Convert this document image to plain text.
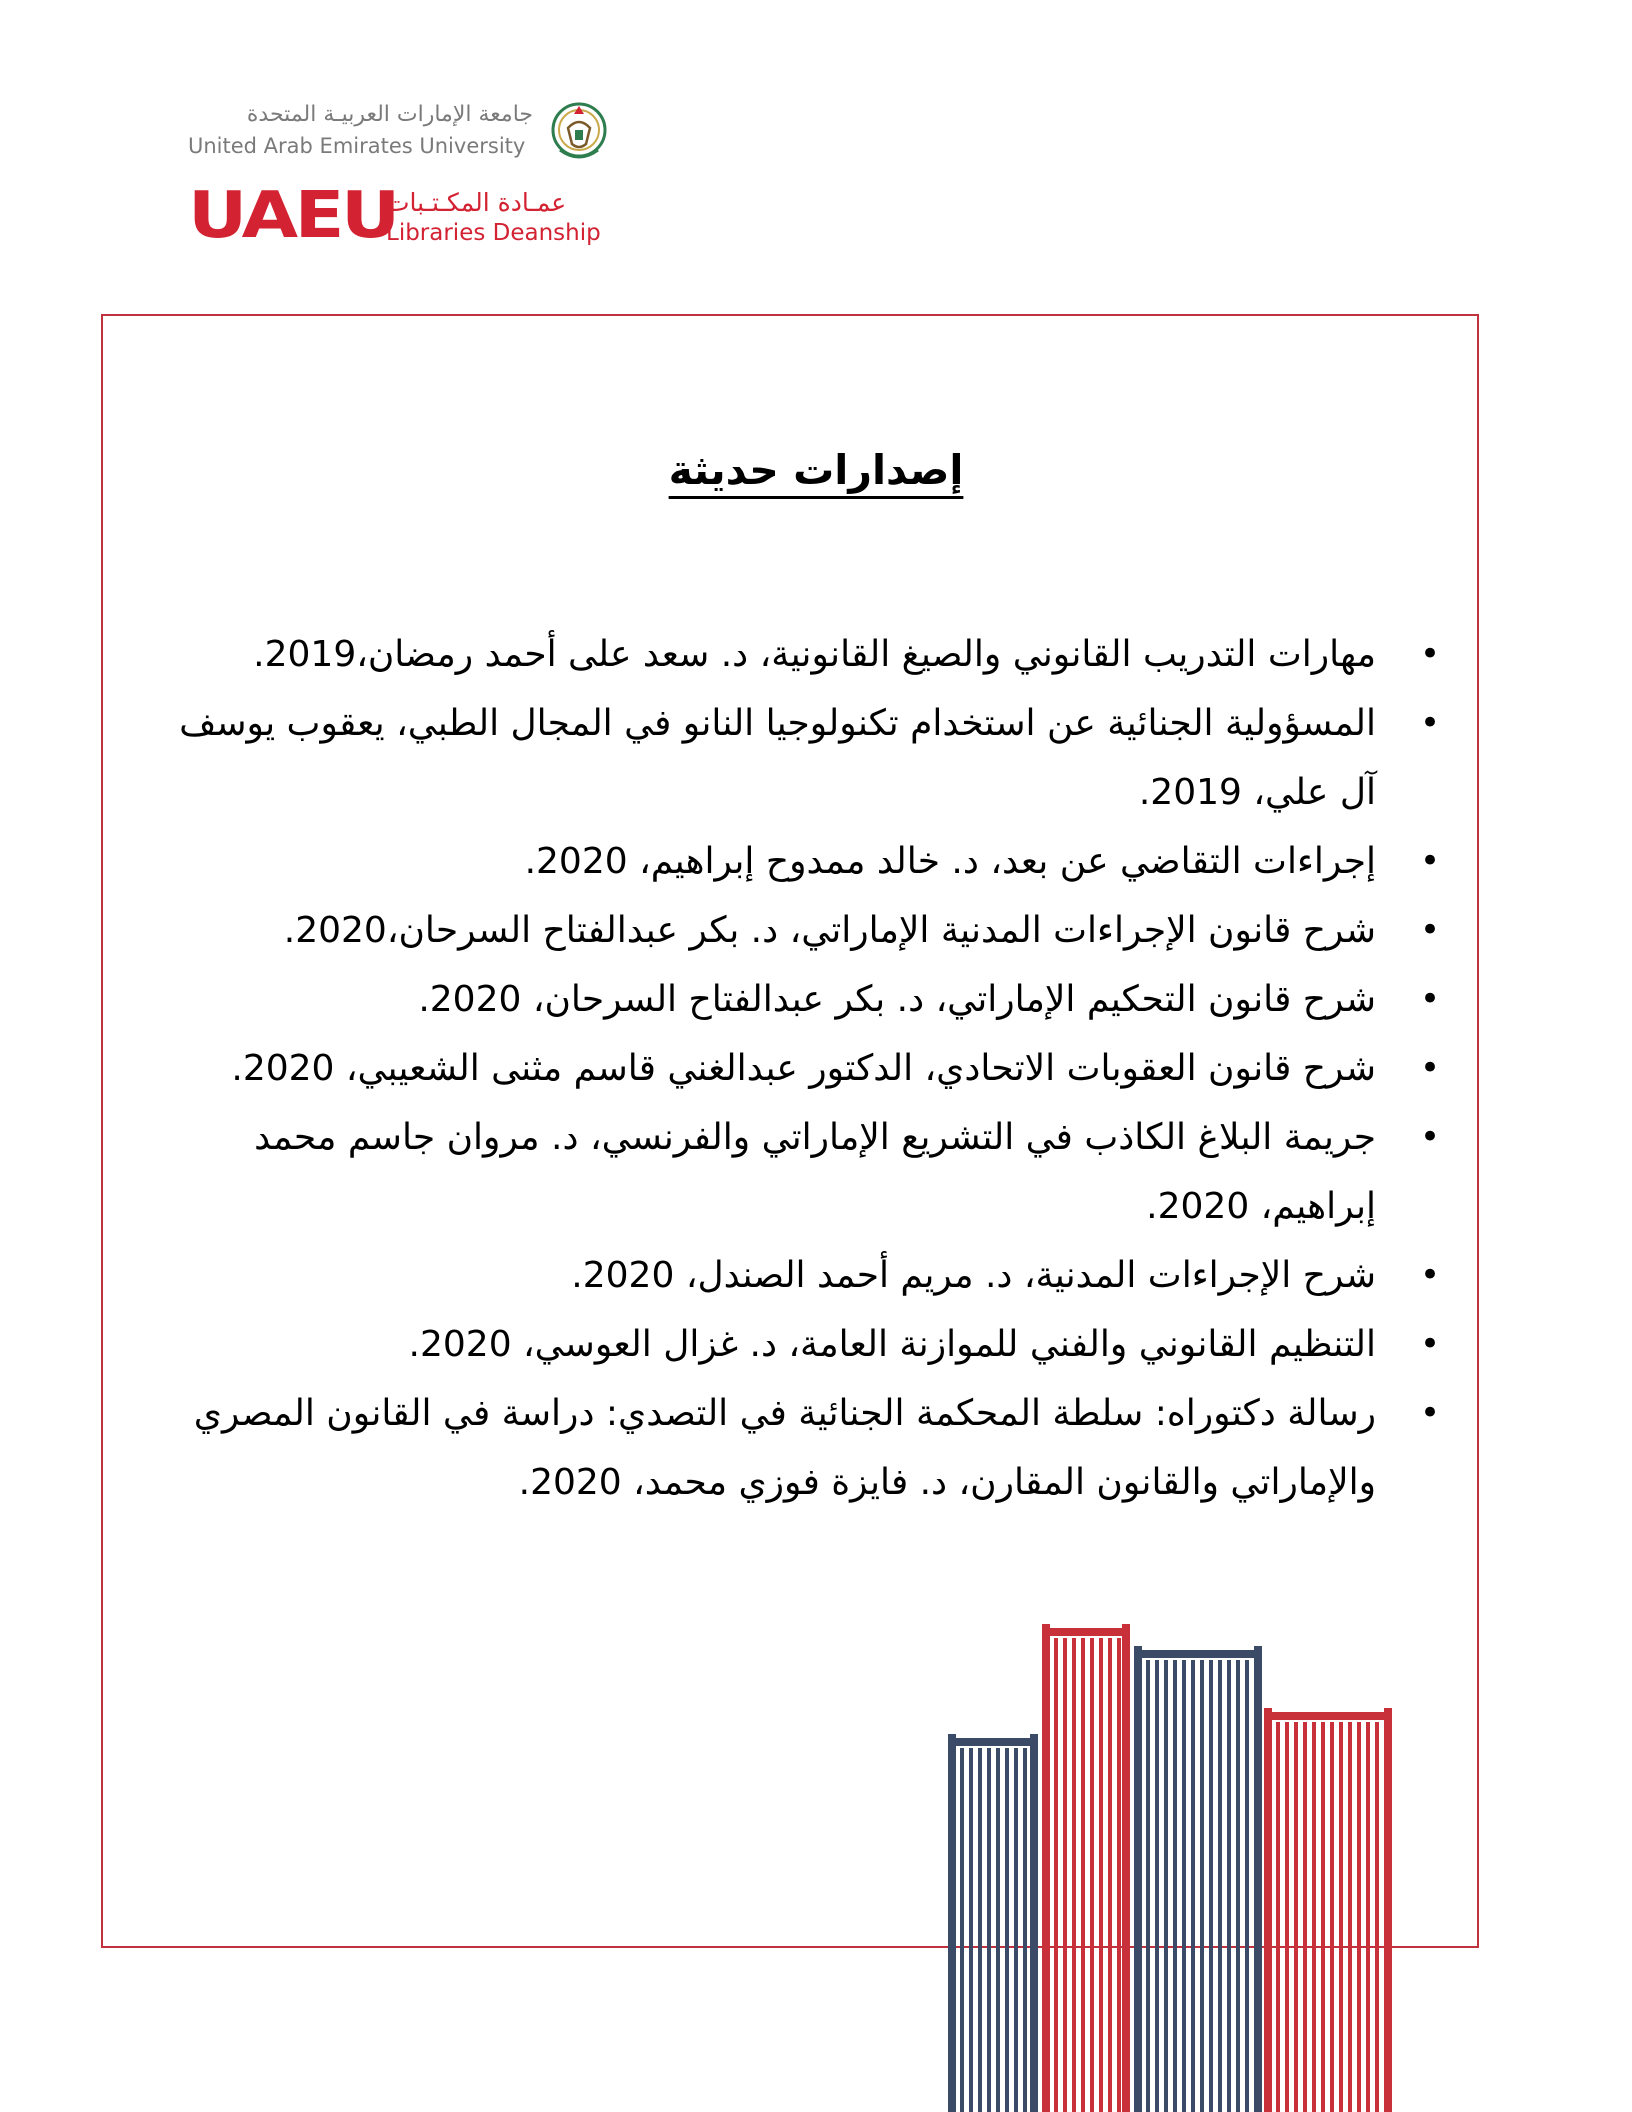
جامعة الإمارات العربيـة المتحدة
United Arab Emirates University
UAEU
عمـادة المكـتـبات
Libraries Deanship
إصدارات حديثة
• مهارات التدريب القانوني والصيغ القانونية، د. سعد على أحمد رمضان،2019.
• المسؤولية الجنائية عن استخدام تكنولوجيا النانو في المجال الطبي، يعقوب يوسف آل علي، 2019.
• إجراءات التقاضي عن بعد، د. خالد ممدوح إبراهيم، 2020.
• شرح قانون الإجراءات المدنية الإماراتي، د. بكر عبدالفتاح السرحان،2020.
• شرح قانون التحكيم الإماراتي، د. بكر عبدالفتاح السرحان، 2020.
• شرح قانون العقوبات الاتحادي، الدكتور عبدالغني قاسم مثنى الشعيبي، 2020.
• جريمة البلاغ الكاذب في التشريع الإماراتي والفرنسي، د. مروان جاسم محمد إبراهيم، 2020.
• شرح الإجراءات المدنية، د. مريم أحمد الصندل، 2020.
• التنظيم القانوني والفني للموازنة العامة، د. غزال العوسي، 2020.
• رسالة دكتوراه: سلطة المحكمة الجنائية في التصدي: دراسة في القانون المصري والإماراتي والقانون المقارن، د. فايزة فوزي محمد، 2020.
